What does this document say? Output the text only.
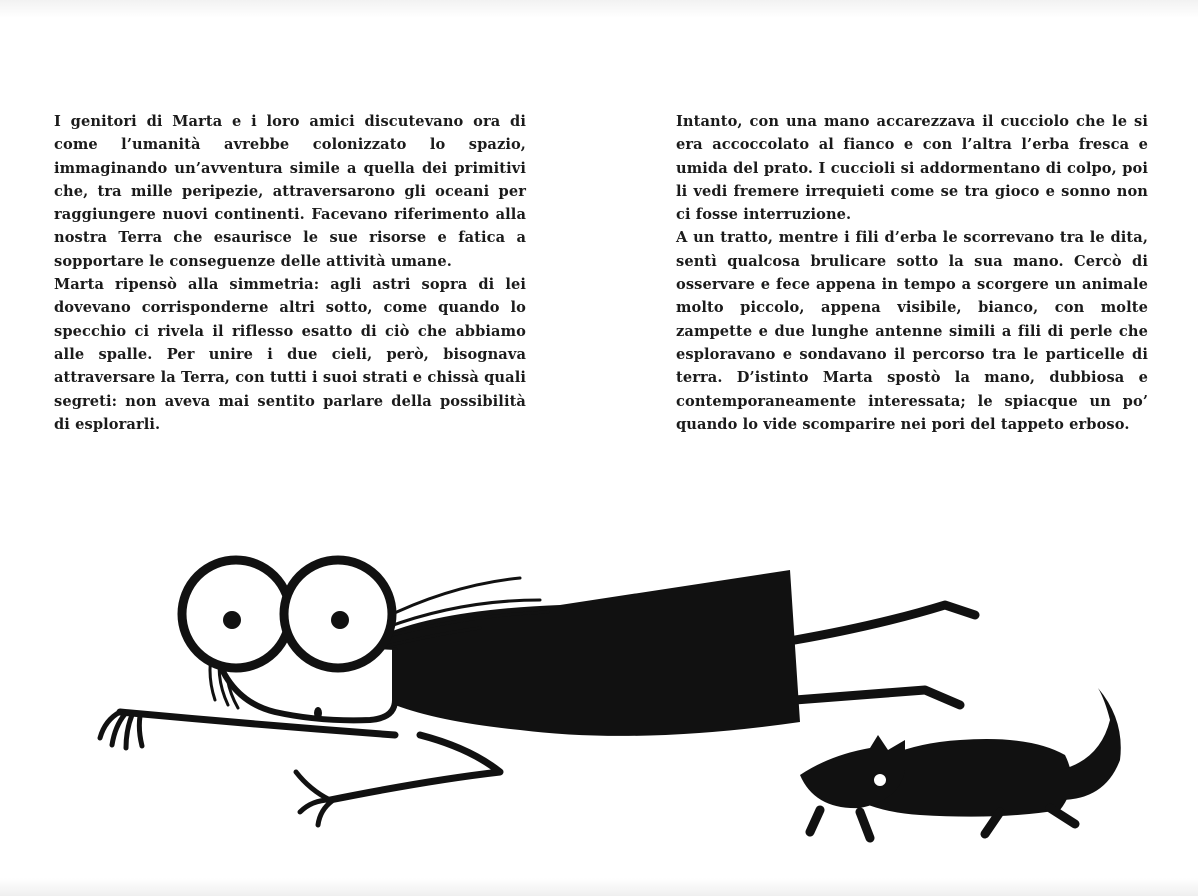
I genitori di Marta e i loro amici discutevano ora di come l’umanità avrebbe colonizzato lo spazio, immaginando un’avventura simile a quella dei primitivi che, tra mille peripezie, attraversarono gli oceani per raggiungere nuovi continenti. Facevano riferimento alla nostra Terra che esaurisce le sue risorse e fatica a sopportare le conseguenze delle attività umane.

Marta ripensò alla simmetria: agli astri sopra di lei dovevano corrisponderne altri sotto, come quando lo specchio ci rivela il riflesso esatto di ciò che abbiamo alle spalle. Per unire i due cieli, però, bisognava attraversare la Terra, con tutti i suoi strati e chissà quali segreti: non aveva mai sentito parlare della possibilità di esplorarli.

Intanto, con una mano accarezzava il cucciolo che le si era accoccolato al fianco e con l’altra l’erba fresca e umida del prato. I cuccioli si addormentano di colpo, poi li vedi fremere irrequieti come se tra gioco e sonno non ci fosse interruzione.

A un tratto, mentre i fili d’erba le scorrevano tra le dita, sentì qualcosa brulicare sotto la sua mano. Cercò di osservare e fece appena in tempo a scorgere un animale molto piccolo, appena visibile, bianco, con molte zampette e due lunghe antenne simili a fili di perle che esploravano e sondavano il percorso tra le particelle di terra. D’istinto Marta spostò la mano, dubbiosa e contemporaneamente interessata; le spiacque un po’ quando lo vide scomparire nei pori del tappeto erboso.
